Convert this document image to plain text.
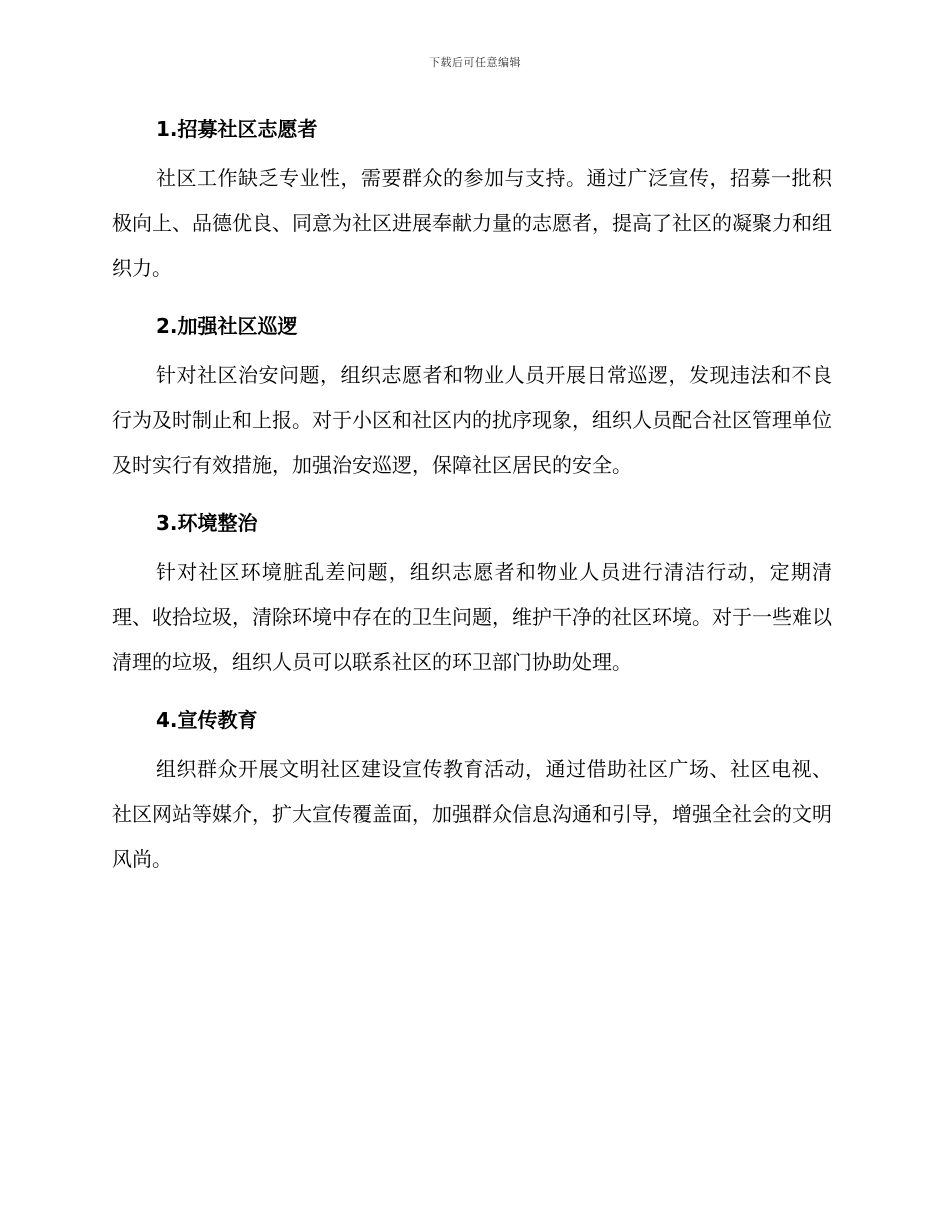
下载后可任意编辑
1.招募社区志愿者

社区工作缺乏专业性，需要群众的参加与支持。通过广泛宣传，招募一批积极向上、品德优良、同意为社区进展奉献力量的志愿者，提高了社区的凝聚力和组织力。

2.加强社区巡逻

针对社区治安问题，组织志愿者和物业人员开展日常巡逻，发现违法和不良行为及时制止和上报。对于小区和社区内的扰序现象，组织人员配合社区管理单位及时实行有效措施，加强治安巡逻，保障社区居民的安全。

3.环境整治

针对社区环境脏乱差问题，组织志愿者和物业人员进行清洁行动，定期清理、收拾垃圾，清除环境中存在的卫生问题，维护干净的社区环境。对于一些难以清理的垃圾，组织人员可以联系社区的环卫部门协助处理。

4.宣传教育

组织群众开展文明社区建设宣传教育活动，通过借助社区广场、社区电视、社区网站等媒介，扩大宣传覆盖面，加强群众信息沟通和引导，增强全社会的文明风尚。
